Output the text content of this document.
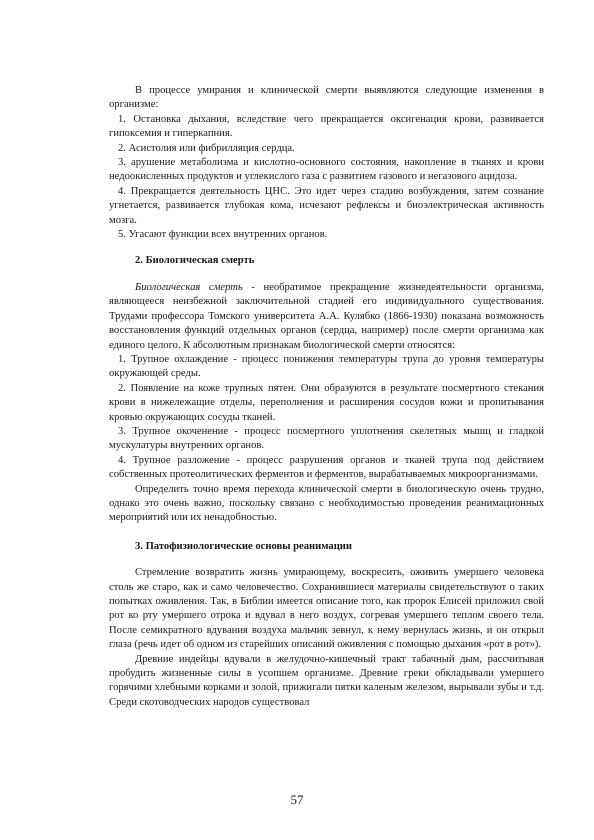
В процессе умирания и клинической смерти выявляются следующие изменения в организме:

1. Остановка дыхания, вследствие чего прекращается оксигенация крови, развивается гипоксемия и гиперкапния.

2. Асистолия или фибрилляция сердца.

3. арушение метаболизма и кислотно-основного состояния, накопление в тканях и крови недоокисленных продуктов и углекислого газа с развитием газового и негазового ацидоза.

4. Прекращается деятельность ЦНС. Это идет через стадию возбуждения, затем сознание угнетается, развивается глубокая кома, исчезают рефлексы и биоэлектрическая активность мозга.

5. Угасают функции всех внутренних органов.

2. Биологическая смерть

Биологическая смерть - необратимое прекращение жизнедеятельности организма, являющееся неизбежной заключительной стадией его индивидуального существования. Трудами профессора Томского университета А.А. Кулябко (1866-1930) показана возможность восстановления функций отдельных органов (сердца, например) после смерти организма как единого целого. К абсолютным признакам биологической смерти относятся:

1. Трупное охлаждение - процесс понижения температуры трупа до уровня температуры окружающей среды.

2. Появление на коже трупных пятен. Они образуются в результате посмертного стекания крови в нижележащие отделы, переполнения и расширения сосудов кожи и пропитывания кровью окружающих сосуды тканей.

3. Трупное окоченение - процесс посмертного уплотнения скелетных мышц и гладкой мускулатуры внутренних органов.

4. Трупное разложение - процесс разрушения органов и тканей трупа под действием собственных протеолитических ферментов и ферментов, вырабатываемых микроорганизмами.

Определить точно время перехода клинической смерти в биологическую очень трудно, однако это очень важно, поскольку связано с необходимостью проведения реанимационных мероприятий или их ненадобностью.

3. Патофизиологические основы реанимации

Стремление возвратить жизнь умирающему, воскресить, оживить умершего человека столь же старо, как и само человечество. Сохранившиеся материалы свидетельствуют о таких попытках оживления. Так, в Библии имеется описание того, как пророк Елисей приложил свой рот ко рту умершего отрока и вдувал в него воздух, согревая умершего теплом своего тела. После семикратного вдувания воздуха мальчик зевнул, к нему вернулась жизнь, и он открыл глаза (речь идет об одном из старейших описаний оживления с помощью дыхания «рот в рот»).

Древние индейцы вдували в желудочно-кишечный тракт табачный дым, рассчитывая пробудить жизненные силы в усопшем организме. Древние греки обкладывали умершего горячими хлебными корками и золой, прижигали пятки каленым железом, вырывали зубы и т.д. Среди скотоводческих народов существовал

57
